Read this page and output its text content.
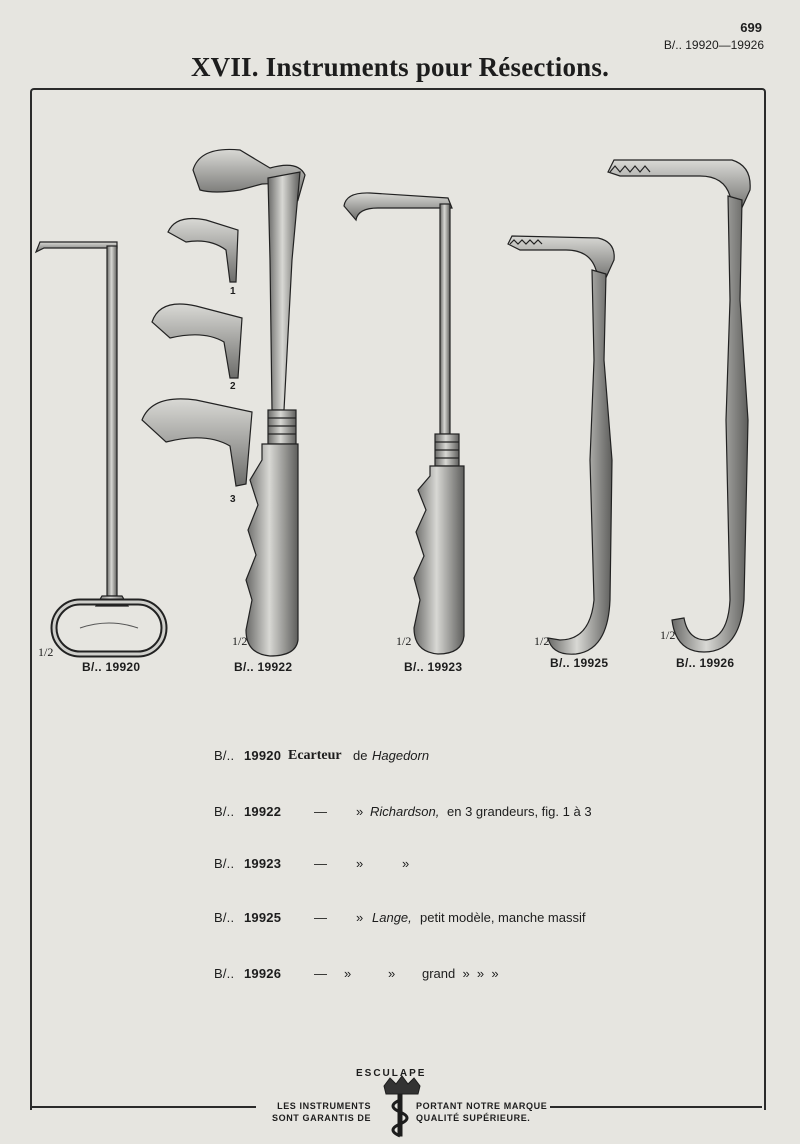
699
B/.. 19920—19926
XVII. Instruments pour Résections.
1/2
1/2	1/2	1/2	1/2
B/.. 19920	B/.. 19922	B/.. 19923	B/.. 19925	B/.. 19926
1
2
3
B/.. 19920 Ecarteur de Hagedorn
B/.. 19922	— » Richardson, en 3 grandeurs, fig. 1 à 3
B/.. 19923	— »	»
B/.. 19925	— » Lange, petit modèle, manche massif
B/.. 19926	— »	» grand  »  »  »
ESCULAPE
LES INSTRUMENTS
SONT GARANTIS DE
PORTANT NOTRE MARQUE
QUALITÉ SUPÉRIEURE.
